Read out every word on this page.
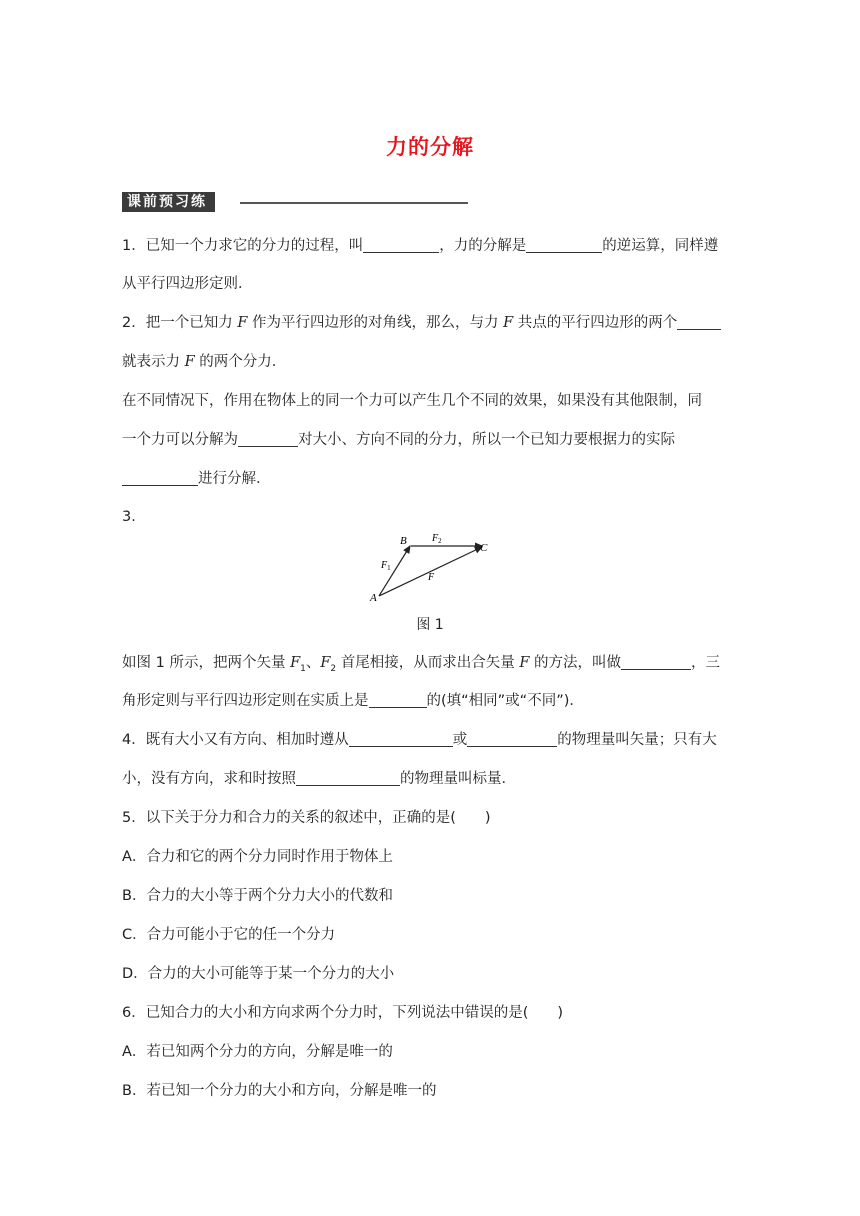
力的分解
课前预习练
1．已知一个力求它的分力的过程，叫	，力的分解是	的逆运算，同样遵
从平行四边形定则．
2．把一个已知力 F 作为平行四边形的对角线，那么，与力 F 共点的平行四边形的两个
就表示力 F 的两个分力．
在不同情况下，作用在物体上的同一个力可以产生几个不同的效果，如果没有其他限制，同
一个力可以分解为	对大小、方向不同的分力，所以一个已知力要根据力的实际
进行分解．
3.
A
B
C
$F_1$
$F_2$
F
图 1
如图 1 所示，把两个矢量 $F_1$、$F_2$ 首尾相接，从而求出合矢量 F 的方法，叫做	，三
角形定则与平行四边形定则在实质上是	的(填“相同”或“不同”)．
4．既有大小又有方向、相加时遵从	或	的物理量叫矢量；只有大
小，没有方向，求和时按照	的物理量叫标量．
5．以下关于分力和合力的关系的叙述中，正确的是(　　)
A．合力和它的两个分力同时作用于物体上
B．合力的大小等于两个分力大小的代数和
C．合力可能小于它的任一个分力
D．合力的大小可能等于某一个分力的大小
6．已知合力的大小和方向求两个分力时，下列说法中错误的是(　　)
A．若已知两个分力的方向，分解是唯一的
B．若已知一个分力的大小和方向，分解是唯一的
